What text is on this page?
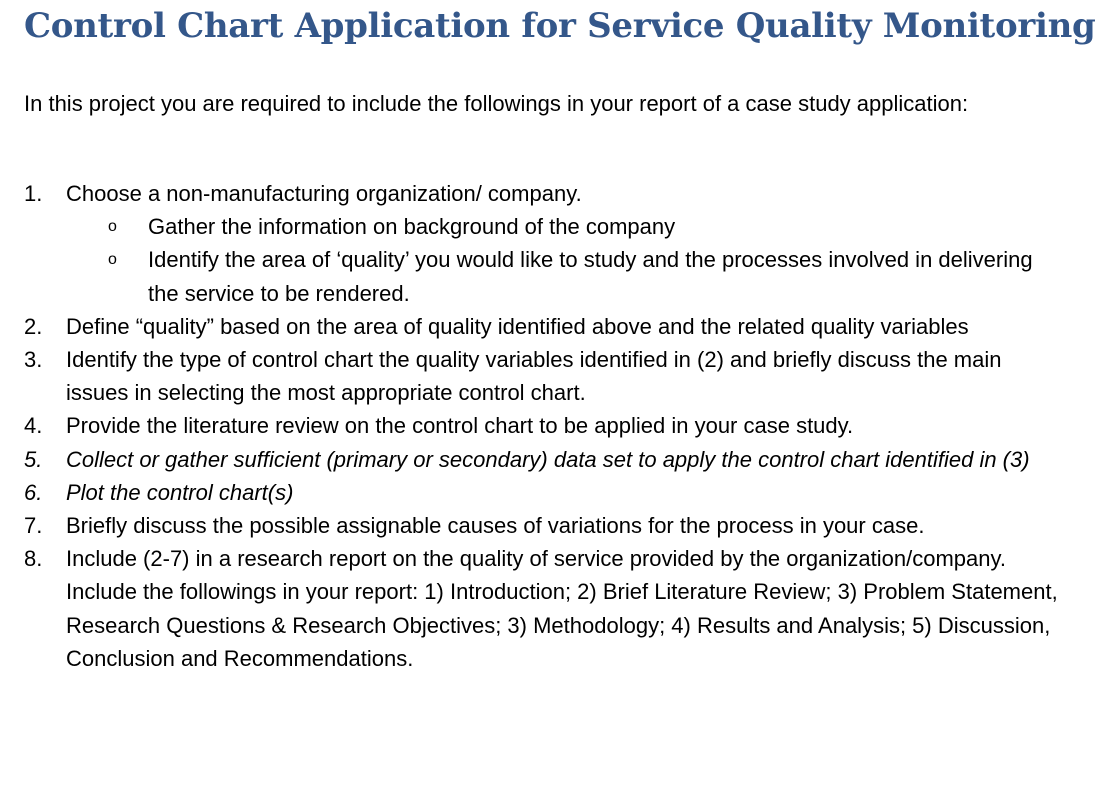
Control Chart Application for Service Quality Monitoring

In this project you are required to include the followings in your report of a case study application:

1. Choose a non-manufacturing organization/ company.
o Gather the information on background of the company
o Identify the area of ‘quality’ you would like to study and the processes involved in delivering the service to be rendered.
2. Define “quality” based on the area of quality identified above and the related quality variables
3. Identify the type of control chart the quality variables identified in (2) and briefly discuss the main issues in selecting the most appropriate control chart.
4. Provide the literature review on the control chart to be applied in your case study.
5. Collect or gather sufficient (primary or secondary) data set to apply the control chart identified in (3)
6. Plot the control chart(s)
7. Briefly discuss the possible assignable causes of variations for the process in your case.
8. Include (2-7) in a research report on the quality of service provided by the organization/company. Include the followings in your report: 1) Introduction; 2) Brief Literature Review; 3) Problem Statement, Research Questions & Research Objectives; 3) Methodology; 4) Results and Analysis; 5) Discussion, Conclusion and Recommendations.
